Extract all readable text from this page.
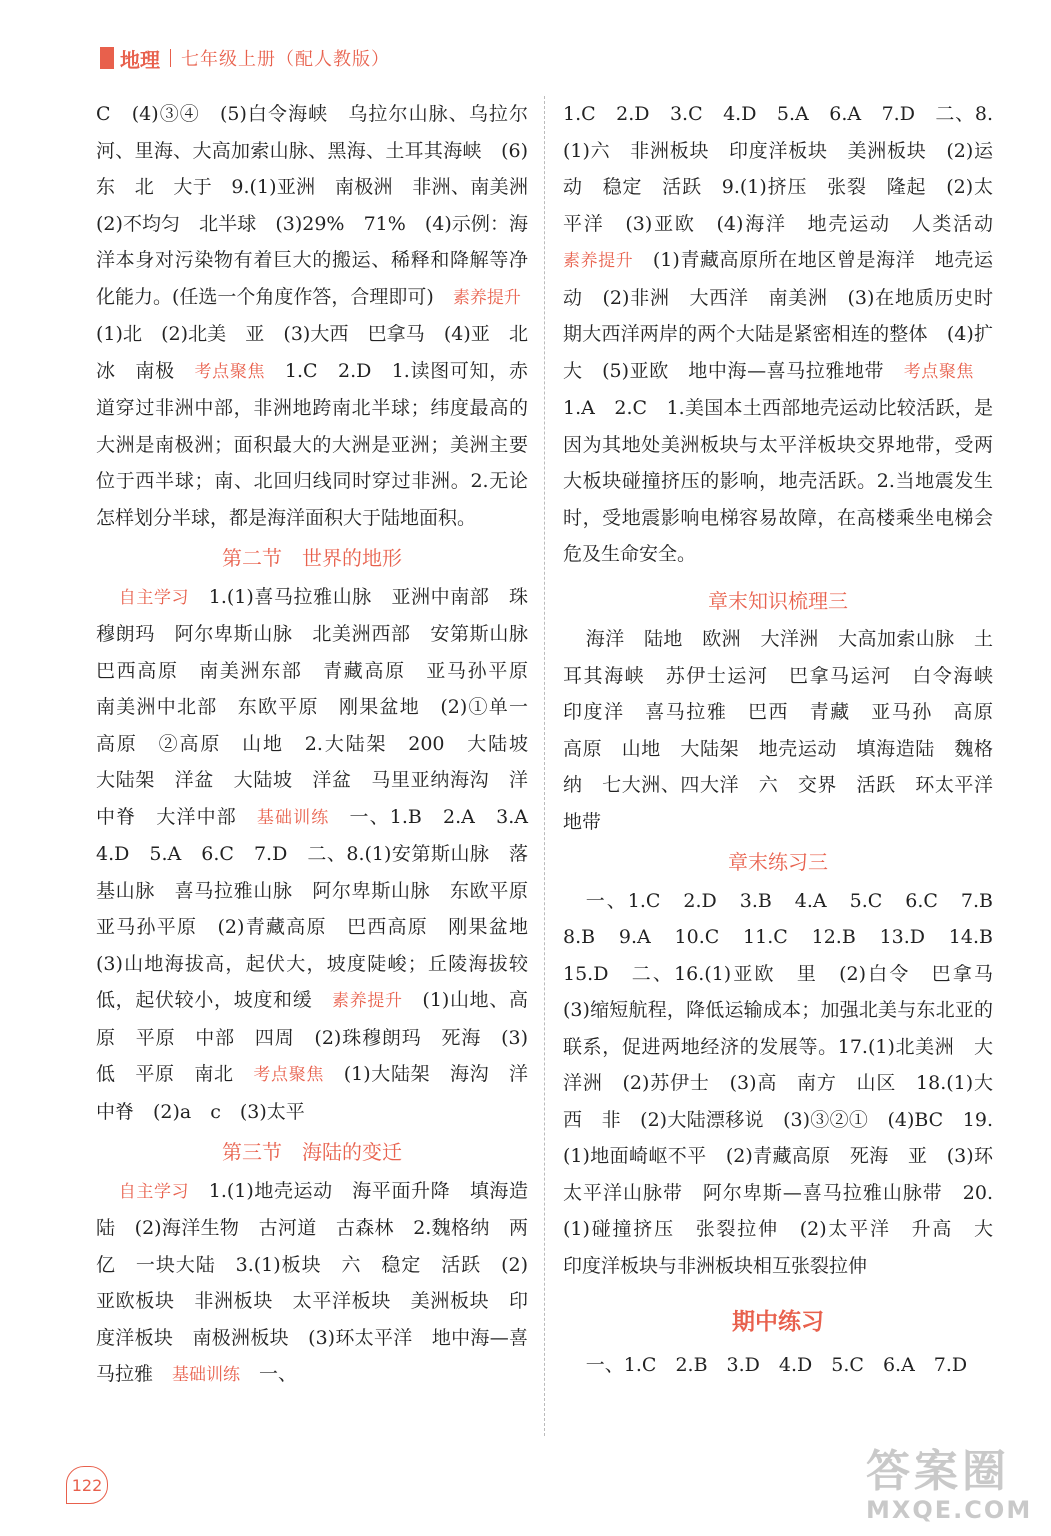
地理 七年级上册（配人教版）

C　(4)③④　(5)白令海峡　乌拉尔山脉、乌拉尔河、里海、大高加索山脉、黑海、土耳其海峡　(6)东　北　大于　9.(1)亚洲　南极洲　非洲、南美洲　(2)不均匀　北半球　(3)29%　71%　(4)示例：海洋本身对污染物有着巨大的搬运、稀释和降解等净化能力。(任选一个角度作答，合理即可)　素养提升　(1)北　(2)北美　亚　(3)大西　巴拿马　(4)亚　北冰　南极　考点聚焦　1.C　2.D　1.读图可知，赤道穿过非洲中部，非洲地跨南北半球；纬度最高的大洲是南极洲；面积最大的大洲是亚洲；美洲主要位于西半球；南、北回归线同时穿过非洲。2.无论怎样划分半球，都是海洋面积大于陆地面积。

第二节　世界的地形

自主学习　1.(1)喜马拉雅山脉　亚洲中南部　珠穆朗玛　阿尔卑斯山脉　北美洲西部　安第斯山脉　巴西高原　南美洲东部　青藏高原　亚马孙平原　南美洲中北部　东欧平原　刚果盆地　(2)①单一　高原　②高原　山地　2.大陆架　200　大陆坡　大陆架　洋盆　大陆坡　洋盆　马里亚纳海沟　洋中脊　大洋中部　基础训练　一、1.B　2.A　3.A　4.D　5.A　6.C　7.D　二、8.(1)安第斯山脉　落基山脉　喜马拉雅山脉　阿尔卑斯山脉　东欧平原　亚马孙平原　(2)青藏高原　巴西高原　刚果盆地　(3)山地海拔高，起伏大，坡度陡峻；丘陵海拔较低，起伏较小，坡度和缓　素养提升　(1)山地、高原　平原　中部　四周　(2)珠穆朗玛　死海　(3)低　平原　南北　考点聚焦　(1)大陆架　海沟　洋中脊　(2)a　c　(3)太平

第三节　海陆的变迁

自主学习　1.(1)地壳运动　海平面升降　填海造陆　(2)海洋生物　古河道　古森林　2.魏格纳　两亿　一块大陆　3.(1)板块　六　稳定　活跃　(2)亚欧板块　非洲板块　太平洋板块　美洲板块　印度洋板块　南极洲板块　(3)环太平洋　地中海—喜马拉雅　基础训练　一、

1.C　2.D　3.C　4.D　5.A　6.A　7.D　二、8.(1)六　非洲板块　印度洋板块　美洲板块　(2)运动　稳定　活跃　9.(1)挤压　张裂　隆起　(2)太平洋　(3)亚欧　(4)海洋　地壳运动　人类活动　素养提升　(1)青藏高原所在地区曾是海洋　地壳运动　(2)非洲　大西洋　南美洲　(3)在地质历史时期大西洋两岸的两个大陆是紧密相连的整体　(4)扩大　(5)亚欧　地中海—喜马拉雅地带　考点聚焦　1.A　2.C　1.美国本土西部地壳运动比较活跃，是因为其地处美洲板块与太平洋板块交界地带，受两大板块碰撞挤压的影响，地壳活跃。2.当地震发生时，受地震影响电梯容易故障，在高楼乘坐电梯会危及生命安全。

章末知识梳理三

海洋　陆地　欧洲　大洋洲　大高加索山脉　土耳其海峡　苏伊士运河　巴拿马运河　白令海峡　印度洋　喜马拉雅　巴西　青藏　亚马孙　高原　高原　山地　大陆架　地壳运动　填海造陆　魏格纳　七大洲、四大洋　六　交界　活跃　环太平洋地带

章末练习三

一、1.C　2.D　3.B　4.A　5.C　6.C　7.B　8.B　9.A　10.C　11.C　12.B　13.D　14.B　15.D　二、16.(1)亚欧　里　(2)白令　巴拿马　(3)缩短航程，降低运输成本；加强北美与东北亚的联系，促进两地经济的发展等。17.(1)北美洲　大洋洲　(2)苏伊士　(3)高　南方　山区　18.(1)大西　非　(2)大陆漂移说　(3)③②①　(4)BC　19.(1)地面崎岖不平　(2)青藏高原　死海　亚　(3)环太平洋山脉带　阿尔卑斯—喜马拉雅山脉带　20.(1)碰撞挤压　张裂拉伸　(2)太平洋　升高　大　印度洋板块与非洲板块相互张裂拉伸

期中练习

一、1.C　2.B　3.D　4.D　5.C　6.A　7.D

122	答案圈
MXQE.COM
